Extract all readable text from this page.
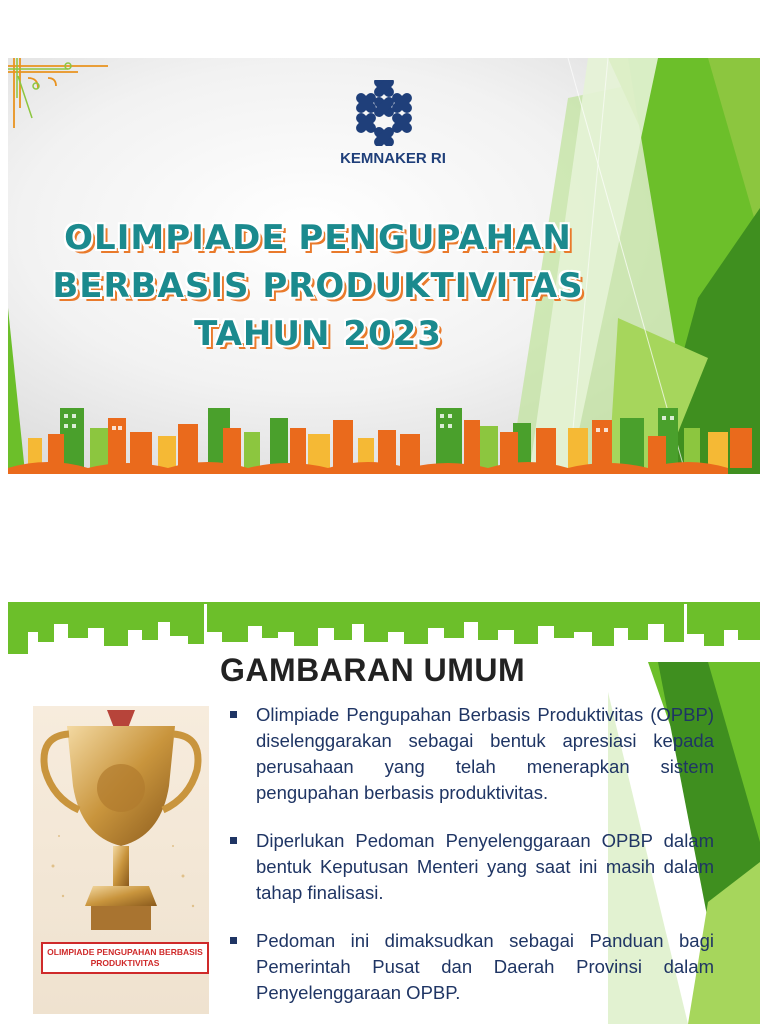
KEMNAKER RI
OLIMPIADE PENGUPAHAN
BERBASIS PRODUKTIVITAS
TAHUN 2023
GAMBARAN UMUM
OLIMPIADE PENGUPAHAN BERBASIS PRODUKTIVITAS
Olimpiade Pengupahan Berbasis Produktivitas (OPBP) diselenggarakan sebagai bentuk apresiasi kepada perusahaan yang telah menerapkan sistem pengupahan berbasis produktivitas.
Diperlukan Pedoman Penyelenggaraan OPBP dalam bentuk Keputusan Menteri yang saat ini masih dalam tahap finalisasi.
Pedoman ini dimaksudkan sebagai Panduan bagi Pemerintah Pusat dan Daerah Provinsi dalam Penyelenggaraan OPBP.
